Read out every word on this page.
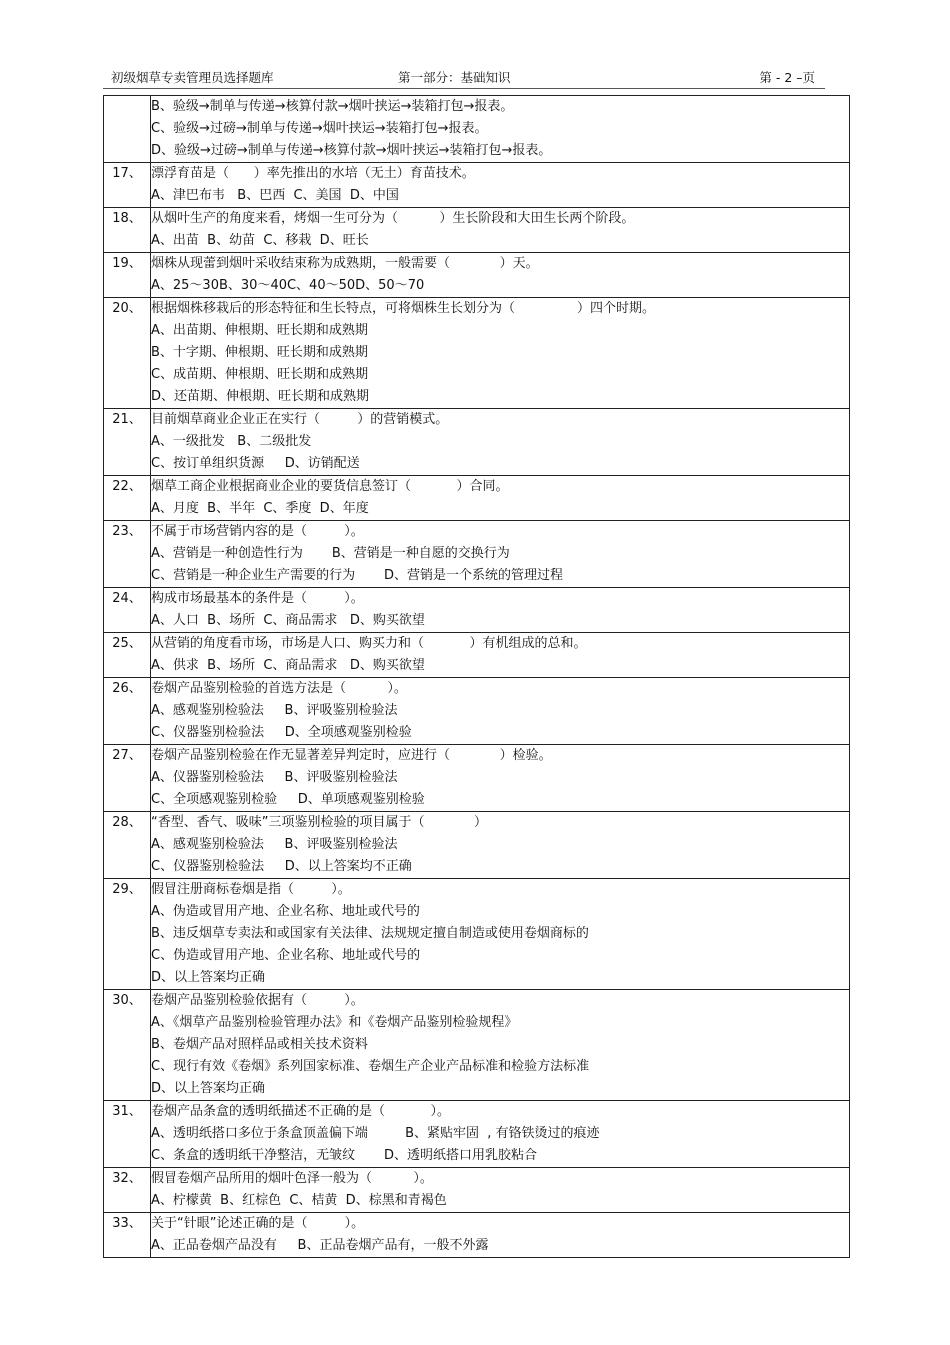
初级烟草专卖管理员选择题库	第一部分：基础知识	第 - 2 –页

	B、验级→制单与传递→核算付款→烟叶挟运→装箱打包→报表。
C、验级→过磅→制单与传递→烟叶挟运→装箱打包→报表。
D、验级→过磅→制单与传递→核算付款→烟叶挟运→装箱打包→报表。

17、	漂浮育苗是（      ）率先推出的水培（无土）育苗技术。
A、津巴布韦   B、巴西  C、美国  D、中国

18、	从烟叶生产的角度来看，烤烟一生可分为（          ）生长阶段和大田生长两个阶段。
A、出苗  B、幼苗  C、移栽  D、旺长

19、	烟株从现蕾到烟叶采收结束称为成熟期，一般需要（            ）天。
A、25～30B、30～40C、40～50D、50～70

20、	根据烟株移栽后的形态特征和生长特点，可将烟株生长划分为（               ）四个时期。
A、出苗期、伸根期、旺长期和成熟期
B、十字期、伸根期、旺长期和成熟期
C、成苗期、伸根期、旺长期和成熟期
D、还苗期、伸根期、旺长期和成熟期

21、	目前烟草商业企业正在实行（         ）的营销模式。
A、一级批发   B、二级批发
C、按订单组织货源     D、访销配送

22、	烟草工商企业根据商业企业的要货信息签订（           ）合同。
A、月度  B、半年  C、季度  D、年度

23、	不属于市场营销内容的是（         ）。
A、营销是一种创造性行为       B、营销是一种自愿的交换行为
C、营销是一种企业生产需要的行为       D、营销是一个系统的管理过程

24、	构成市场最基本的条件是（         ）。
A、人口  B、场所  C、商品需求   D、购买欲望

25、	从营销的角度看市场，市场是人口、购买力和（           ）有机组成的总和。
A、供求  B、场所  C、商品需求   D、购买欲望

26、	卷烟产品鉴别检验的首选方法是（          ）。
A、感观鉴别检验法     B、评吸鉴别检验法
C、仪器鉴别检验法     D、全项感观鉴别检验

27、	卷烟产品鉴别检验在作无显著差异判定时，应进行（            ）检验。
A、仪器鉴别检验法     B、评吸鉴别检验法
C、全项感观鉴别检验     D、单项感观鉴别检验

28、	“香型、香气、吸味”三项鉴别检验的项目属于（            ）
A、感观鉴别检验法     B、评吸鉴别检验法
C、仪器鉴别检验法     D、以上答案均不正确

29、	假冒注册商标卷烟是指（         ）。
A、伪造或冒用产地、企业名称、地址或代号的
B、违反烟草专卖法和或国家有关法律、法规规定擅自制造或使用卷烟商标的
C、伪造或冒用产地、企业名称、地址或代号的
D、以上答案均正确

30、	卷烟产品鉴别检验依据有（         ）。
A、《烟草产品鉴别检验管理办法》和《卷烟产品鉴别检验规程》
B、卷烟产品对照样品或相关技术资料
C、现行有效《卷烟》系列国家标准、卷烟生产企业产品标准和检验方法标准
D、以上答案均正确

31、	卷烟产品条盒的透明纸描述不正确的是（           ）。
A、透明纸搭口多位于条盒顶盖偏下端         B、紧贴牢固  , 有铬铁烫过的痕迹
C、条盒的透明纸干净整洁，无皱纹       D、透明纸搭口用乳胶粘合

32、	假冒卷烟产品所用的烟叶色泽一般为（          ）。
A、柠檬黄  B、红棕色  C、桔黄  D、棕黑和青褐色

33、	关于“针眼”论述正确的是（         ）。
A、正品卷烟产品没有     B、正品卷烟产品有，一般不外露
